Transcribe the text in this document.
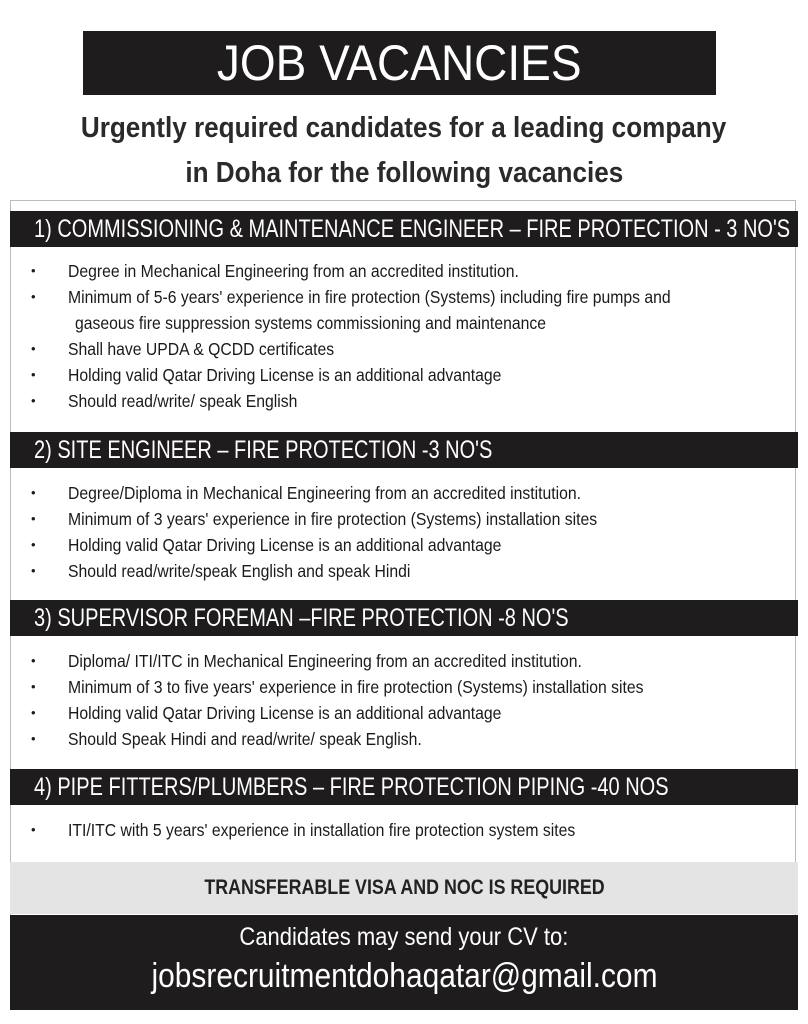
JOB VACANCIES
Urgently required candidates for a leading company
in Doha for the following vacancies
1) COMMISSIONING & MAINTENANCE ENGINEER – FIRE PROTECTION - 3 NO'S
• Degree in Mechanical Engineering from an accredited institution.
• Minimum of 5-6 years' experience in fire protection (Systems) including fire pumps and
gaseous fire suppression systems commissioning and maintenance
• Shall have UPDA & QCDD certificates
• Holding valid Qatar Driving License is an additional advantage
• Should read/write/ speak English
2) SITE ENGINEER – FIRE PROTECTION -3 NO'S
• Degree/Diploma in Mechanical Engineering from an accredited institution.
• Minimum of 3 years' experience in fire protection (Systems) installation sites
• Holding valid Qatar Driving License is an additional advantage
• Should read/write/speak English and speak Hindi
3) SUPERVISOR FOREMAN –FIRE PROTECTION -8 NO'S
• Diploma/ ITI/ITC in Mechanical Engineering from an accredited institution.
• Minimum of 3 to five years' experience in fire protection (Systems) installation sites
• Holding valid Qatar Driving License is an additional advantage
• Should Speak Hindi and read/write/ speak English.
4) PIPE FITTERS/PLUMBERS – FIRE PROTECTION PIPING -40 NOS
• ITI/ITC with 5 years' experience in installation fire protection system sites
TRANSFERABLE VISA AND NOC IS REQUIRED
Candidates may send your CV to:
jobsrecruitmentdohaqatar@gmail.com
